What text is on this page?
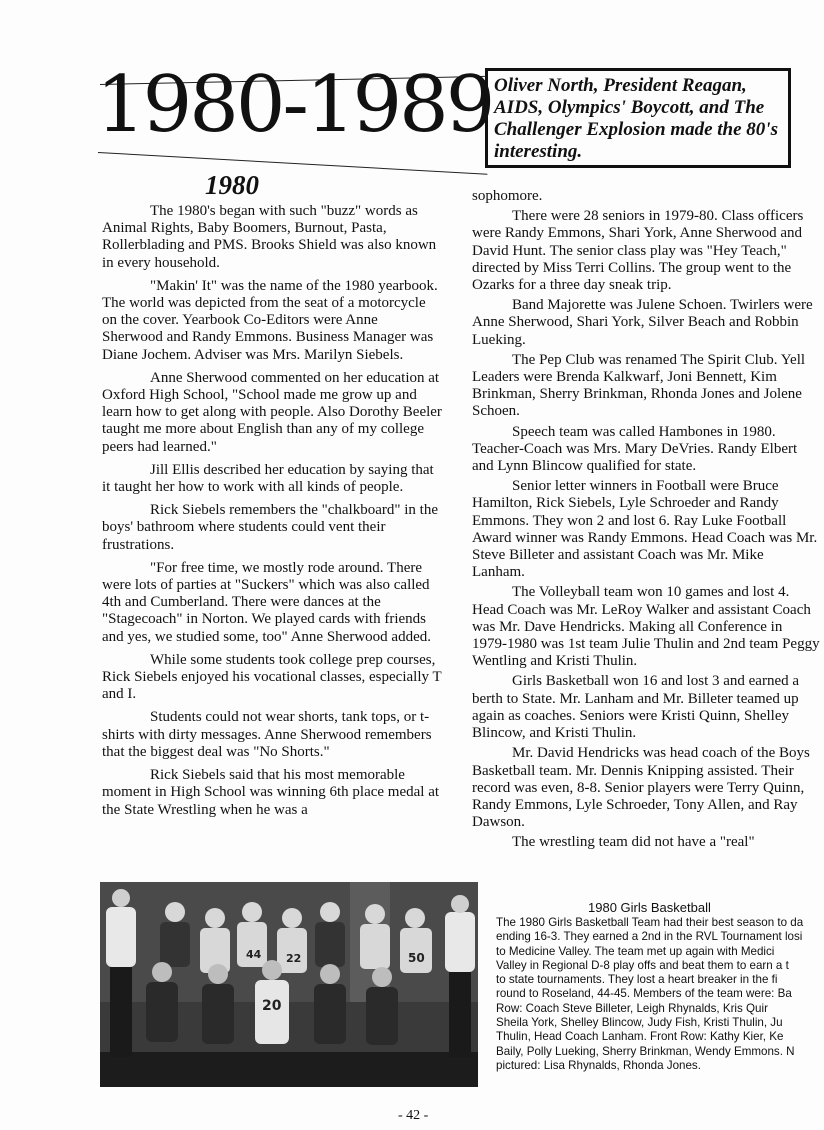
1980-1989 Oliver North, President Reagan, AIDS, Olympics' Boycott, and The Challenger Explosion made the 80's interesting.
1980

The 1980's began with such "buzz" words as Animal Rights, Baby Boomers, Burnout, Pasta, Rollerblading and PMS. Brooks Shield was also known in every household.

"Makin' It" was the name of the 1980 yearbook. The world was depicted from the seat of a motorcycle on the cover. Yearbook Co-Editors were Anne Sherwood and Randy Emmons. Business Manager was Diane Jochem. Adviser was Mrs. Marilyn Siebels.

Anne Sherwood commented on her education at Oxford High School, "School made me grow up and learn how to get along with people. Also Dorothy Beeler taught me more about English than any of my college peers had learned."

Jill Ellis described her education by saying that it taught her how to work with all kinds of people.

Rick Siebels remembers the "chalkboard" in the boys' bathroom where students could vent their frustrations.

"For free time, we mostly rode around. There were lots of parties at "Suckers" which was also called 4th and Cumberland. There were dances at the "Stagecoach" in Norton. We played cards with friends and yes, we studied some, too" Anne Sherwood added.

While some students took college prep courses, Rick Siebels enjoyed his vocational classes, especially T and I.

Students could not wear shorts, tank tops, or t-shirts with dirty messages. Anne Sherwood remembers that the biggest deal was "No Shorts."

Rick Siebels said that his most memorable moment in High School was winning 6th place medal at the State Wrestling when he was a

sophomore.

There were 28 seniors in 1979-80. Class officers were Randy Emmons, Shari York, Anne Sherwood and David Hunt. The senior class play was "Hey Teach," directed by Miss Terri Collins. The group went to the Ozarks for a three day sneak trip.

Band Majorette was Julene Schoen. Twirlers were Anne Sherwood, Shari York, Silver Beach and Robbin Lueking.

The Pep Club was renamed The Spirit Club. Yell Leaders were Brenda Kalkwarf, Joni Bennett, Kim Brinkman, Sherry Brinkman, Rhonda Jones and Jolene Schoen.

Speech team was called Hambones in 1980. Teacher-Coach was Mrs. Mary DeVries. Randy Elbert and Lynn Blincow qualified for state.

Senior letter winners in Football were Bruce Hamilton, Rick Siebels, Lyle Schroeder and Randy Emmons. They won 2 and lost 6. Ray Luke Football Award winner was Randy Emmons. Head Coach was Mr. Steve Billeter and assistant Coach was Mr. Mike Lanham.

The Volleyball team won 10 games and lost 4. Head Coach was Mr. LeRoy Walker and assistant Coach was Mr. Dave Hendricks. Making all Conference in 1979-1980 was 1st team Julie Thulin and 2nd team Peggy Wentling and Kristi Thulin.

Girls Basketball won 16 and lost 3 and earned a berth to State. Mr. Lanham and Mr. Billeter teamed up again as coaches. Seniors were Kristi Quinn, Shelley Blincow, and Kristi Thulin.

Mr. David Hendricks was head coach of the Boys Basketball team. Mr. Dennis Knipping assisted. Their record was even, 8-8. Senior players were Terry Quinn, Randy Emmons, Lyle Schroeder, Tony Allen, and Ray Dawson.

The wrestling team did not have a "real"

44 22	50
20
1980 Girls Basketball
The 1980 Girls Basketball Team had their best season to da
ending 16-3. They earned a 2nd in the RVL Tournament losi
to Medicine Valley. The team met up again with Medici
Valley in Regional D-8 play offs and beat them to earn a t
to state tournaments. They lost a heart breaker in the fi
round to Roseland, 44-45. Members of the team were: Ba
Row: Coach Steve Billeter, Leigh Rhynalds, Kris Quir
Sheila York, Shelley Blincow, Judy Fish, Kristi Thulin, Ju
Thulin, Head Coach Lanham. Front Row: Kathy Kier, Ke
Baily, Polly Lueking, Sherry Brinkman, Wendy Emmons. N
pictured: Lisa Rhynalds, Rhonda Jones.
- 42 -
